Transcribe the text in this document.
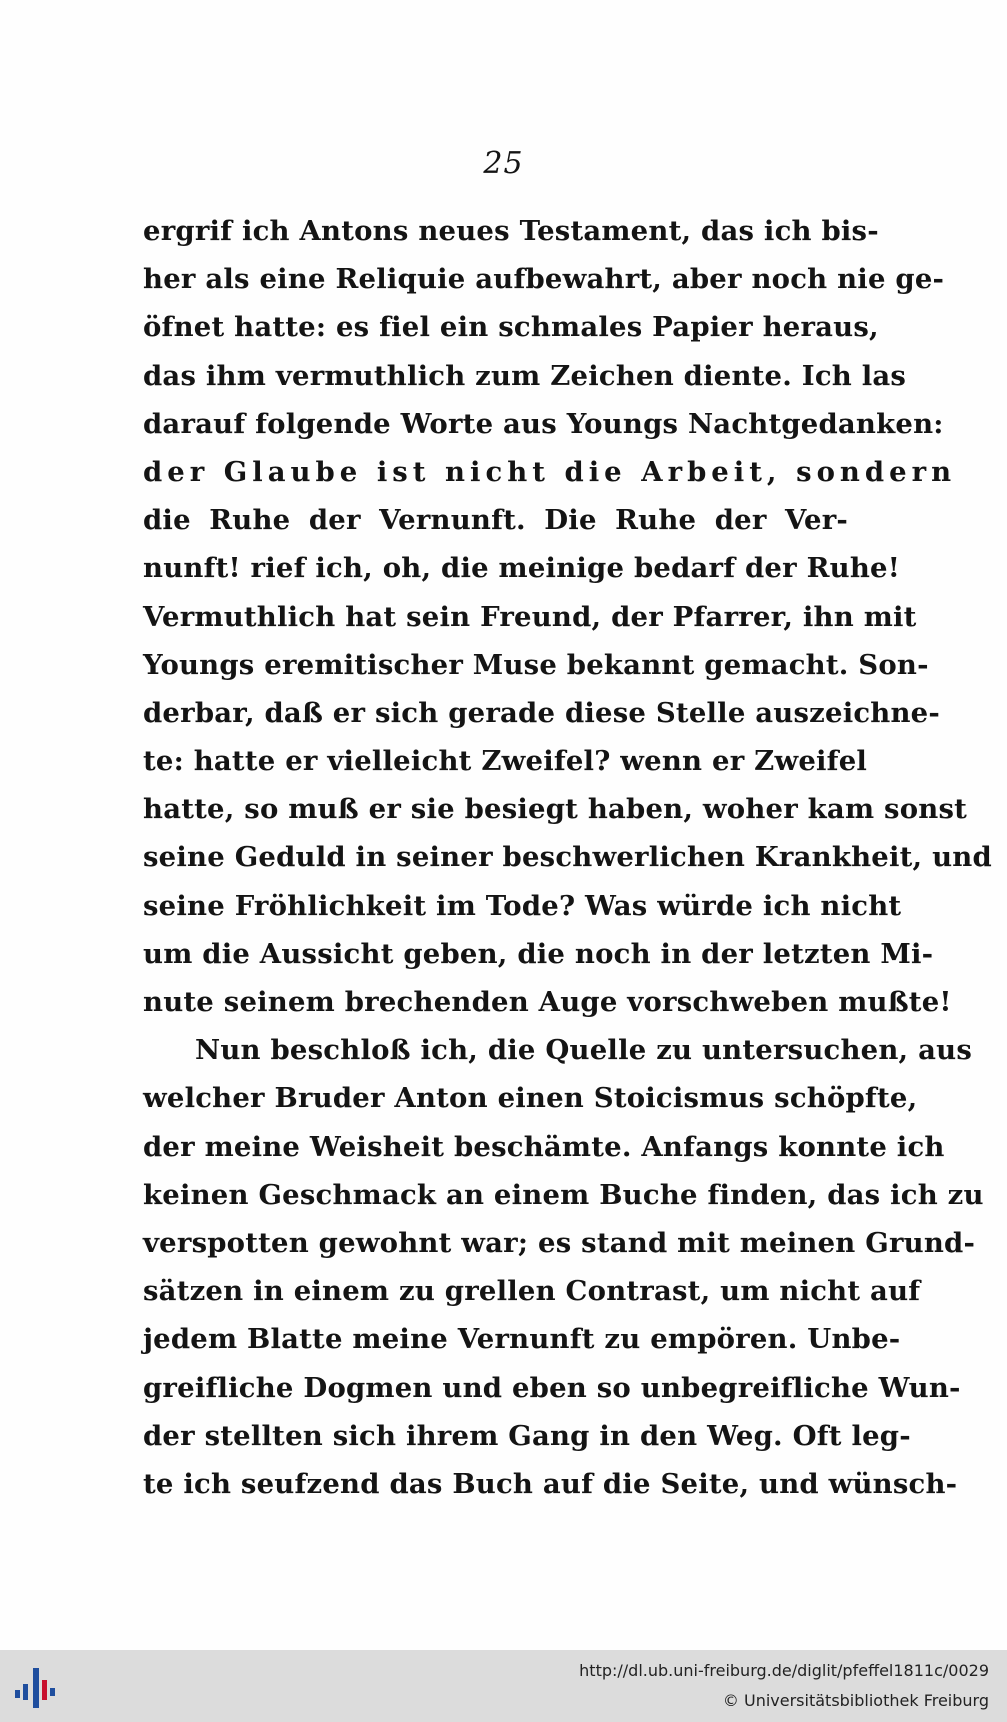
25
ergrif ich Antons neues Testament, das ich bis-
her als eine Reliquie aufbewahrt, aber noch nie ge-
öfnet hatte: es fiel ein schmales Papier heraus,
das ihm vermuthlich zum Zeichen diente. Ich las
darauf folgende Worte aus Youngs Nachtgedanken:
der Glaube ist nicht die Arbeit, sondern
die Ruhe der Vernunft. Die Ruhe der Ver-
nunft! rief ich, oh, die meinige bedarf der Ruhe!
Vermuthlich hat sein Freund, der Pfarrer, ihn mit
Youngs eremitischer Muse bekannt gemacht. Son-
derbar, daß er sich gerade diese Stelle auszeichne-
te: hatte er vielleicht Zweifel? wenn er Zweifel
hatte, so muß er sie besiegt haben, woher kam sonst
seine Geduld in seiner beschwerlichen Krankheit, und
seine Fröhlichkeit im Tode? Was würde ich nicht
um die Aussicht geben, die noch in der letzten Mi-
nute seinem brechenden Auge vorschweben mußte!
Nun beschloß ich, die Quelle zu untersuchen, aus
welcher Bruder Anton einen Stoicismus schöpfte,
der meine Weisheit beschämte. Anfangs konnte ich
keinen Geschmack an einem Buche finden, das ich zu
verspotten gewohnt war; es stand mit meinen Grund-
sätzen in einem zu grellen Contrast, um nicht auf
jedem Blatte meine Vernunft zu empören. Unbe-
greifliche Dogmen und eben so unbegreifliche Wun-
der stellten sich ihrem Gang in den Weg. Oft leg-
te ich seufzend das Buch auf die Seite, und wünsch-
http://dl.ub.uni-freiburg.de/diglit/pfeffel1811c/0029
© Universitätsbibliothek Freiburg
